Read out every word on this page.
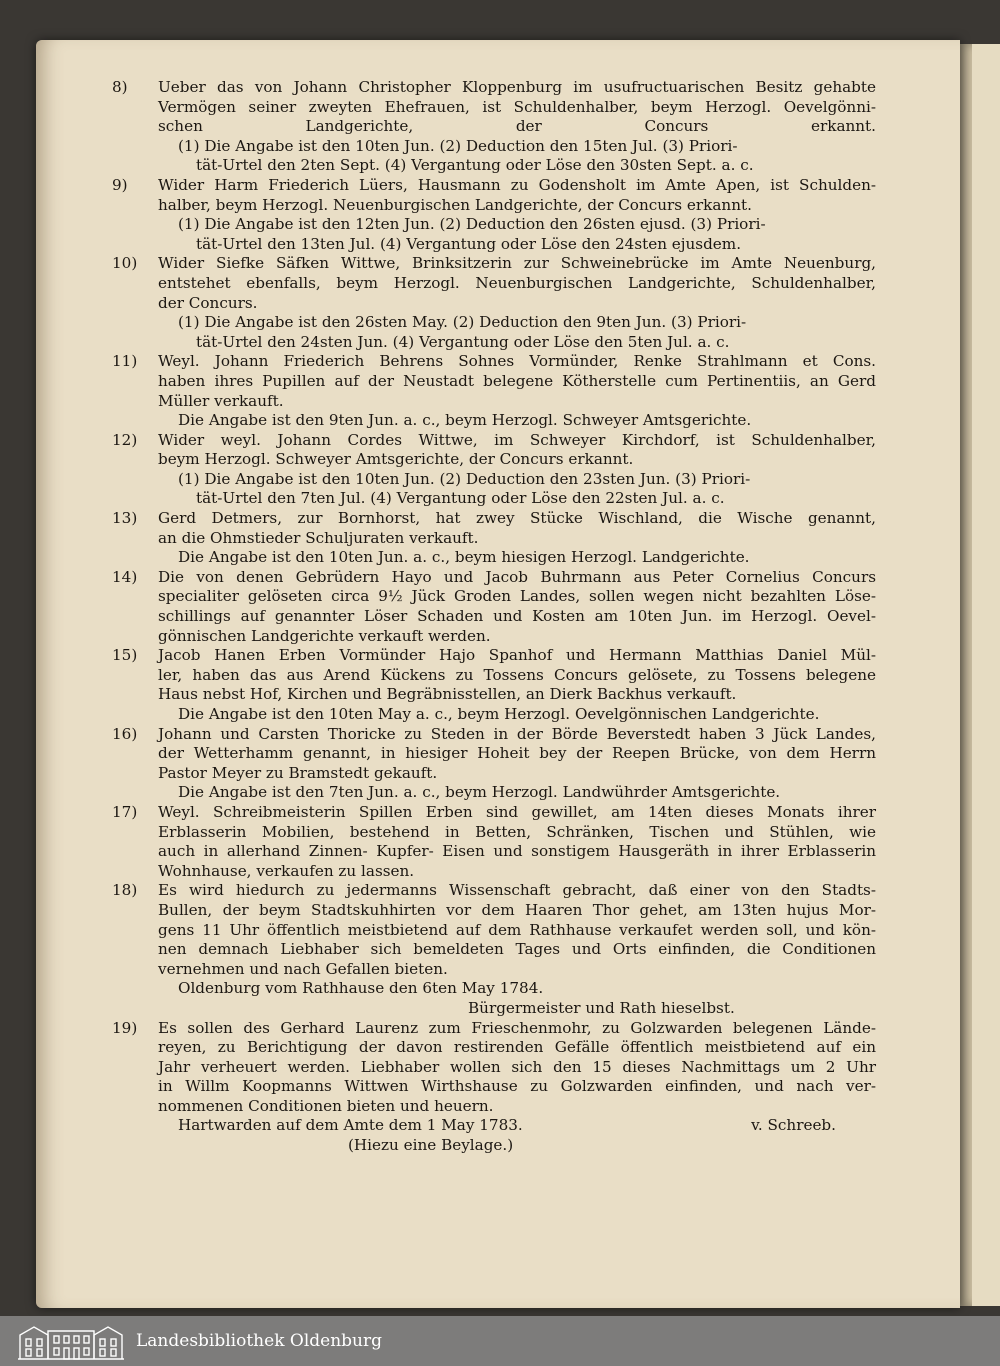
8)	Ueber das von Johann Christopher Kloppenburg im usufructuarischen Besitz gehabte
Vermögen seiner zweyten Ehefrauen, ist Schuldenhalber, beym Herzogl. Oevelgönni-
schen Landgerichte, der Concurs erkannt.
(1) Die Angabe ist den 10ten Jun. (2) Deduction den 15ten Jul. (3) Priori-
tät-Urtel den 2ten Sept. (4) Vergantung oder Löse den 30sten Sept. a. c.
9)	Wider Harm Friederich Lüers, Hausmann zu Godensholt im Amte Apen, ist Schulden-
halber, beym Herzogl. Neuenburgischen Landgerichte, der Concurs erkannt.
(1) Die Angabe ist den 12ten Jun. (2) Deduction den 26sten ejusd. (3) Priori-
tät-Urtel den 13ten Jul. (4) Vergantung oder Löse den 24sten ejusdem.
10)	Wider Siefke Säfken Wittwe, Brinksitzerin zur Schweinebrücke im Amte Neuenburg,
entstehet ebenfalls, beym Herzogl. Neuenburgischen Landgerichte, Schuldenhalber,
der Concurs.
(1) Die Angabe ist den 26sten May. (2) Deduction den 9ten Jun. (3) Priori-
tät-Urtel den 24sten Jun. (4) Vergantung oder Löse den 5ten Jul. a. c.
11)	Weyl. Johann Friederich Behrens Sohnes Vormünder, Renke Strahlmann et Cons.
haben ihres Pupillen auf der Neustadt belegene Kötherstelle cum Pertinentiis, an Gerd
Müller verkauft.
Die Angabe ist den 9ten Jun. a. c., beym Herzogl. Schweyer Amtsgerichte.
12)	Wider weyl. Johann Cordes Wittwe, im Schweyer Kirchdorf, ist Schuldenhalber,
beym Herzogl. Schweyer Amtsgerichte, der Concurs erkannt.
(1) Die Angabe ist den 10ten Jun. (2) Deduction den 23sten Jun. (3) Priori-
tät-Urtel den 7ten Jul. (4) Vergantung oder Löse den 22sten Jul. a. c.
13)	Gerd Detmers, zur Bornhorst, hat zwey Stücke Wischland, die Wische genannt,
an die Ohmstieder Schuljuraten verkauft.
Die Angabe ist den 10ten Jun. a. c., beym hiesigen Herzogl. Landgerichte.
14)	Die von denen Gebrüdern Hayo und Jacob Buhrmann aus Peter Cornelius Concurs
specialiter gelöseten circa 9½ Jück Groden Landes, sollen wegen nicht bezahlten Löse-
schillings auf genannter Löser Schaden und Kosten am 10ten Jun. im Herzogl. Oevel-
gönnischen Landgerichte verkauft werden.
15)	Jacob Hanen Erben Vormünder Hajo Spanhof und Hermann Matthias Daniel Mül-
ler, haben das aus Arend Kückens zu Tossens Concurs gelösete, zu Tossens belegene
Haus nebst Hof, Kirchen und Begräbnisstellen, an Dierk Backhus verkauft.
Die Angabe ist den 10ten May a. c., beym Herzogl. Oevelgönnischen Landgerichte.
16)	Johann und Carsten Thoricke zu Steden in der Börde Beverstedt haben 3 Jück Landes,
der Wetterhamm genannt, in hiesiger Hoheit bey der Reepen Brücke, von dem Herrn
Pastor Meyer zu Bramstedt gekauft.
Die Angabe ist den 7ten Jun. a. c., beym Herzogl. Landwührder Amtsgerichte.
17)	Weyl. Schreibmeisterin Spillen Erben sind gewillet, am 14ten dieses Monats ihrer
Erblasserin Mobilien, bestehend in Betten, Schränken, Tischen und Stühlen, wie
auch in allerhand Zinnen- Kupfer- Eisen und sonstigem Hausgeräth in ihrer Erblasserin
Wohnhause, verkaufen zu lassen.
18)	Es wird hiedurch zu jedermanns Wissenschaft gebracht, daß einer von den Stadts-
Bullen, der beym Stadtskuhhirten vor dem Haaren Thor gehet, am 13ten hujus Mor-
gens 11 Uhr öffentlich meistbietend auf dem Rathhause verkaufet werden soll, und kön-
nen demnach Liebhaber sich bemeldeten Tages und Orts einfinden, die Conditionen
vernehmen und nach Gefallen bieten.
Oldenburg vom Rathhause den 6ten May 1784.
Bürgermeister und Rath hieselbst.
19)	Es sollen des Gerhard Laurenz zum Frieschenmohr, zu Golzwarden belegenen Lände-
reyen, zu Berichtigung der davon restirenden Gefälle öffentlich meistbietend auf ein
Jahr verheuert werden. Liebhaber wollen sich den 15 dieses Nachmittags um 2 Uhr
in Willm Koopmanns Wittwen Wirthshause zu Golzwarden einfinden, und nach ver-
nommenen Conditionen bieten und heuern.
Hartwarden auf dem Amte dem 1 May 1783.	v. Schreeb.
(Hiezu eine Beylage.)
Landesbibliothek Oldenburg
